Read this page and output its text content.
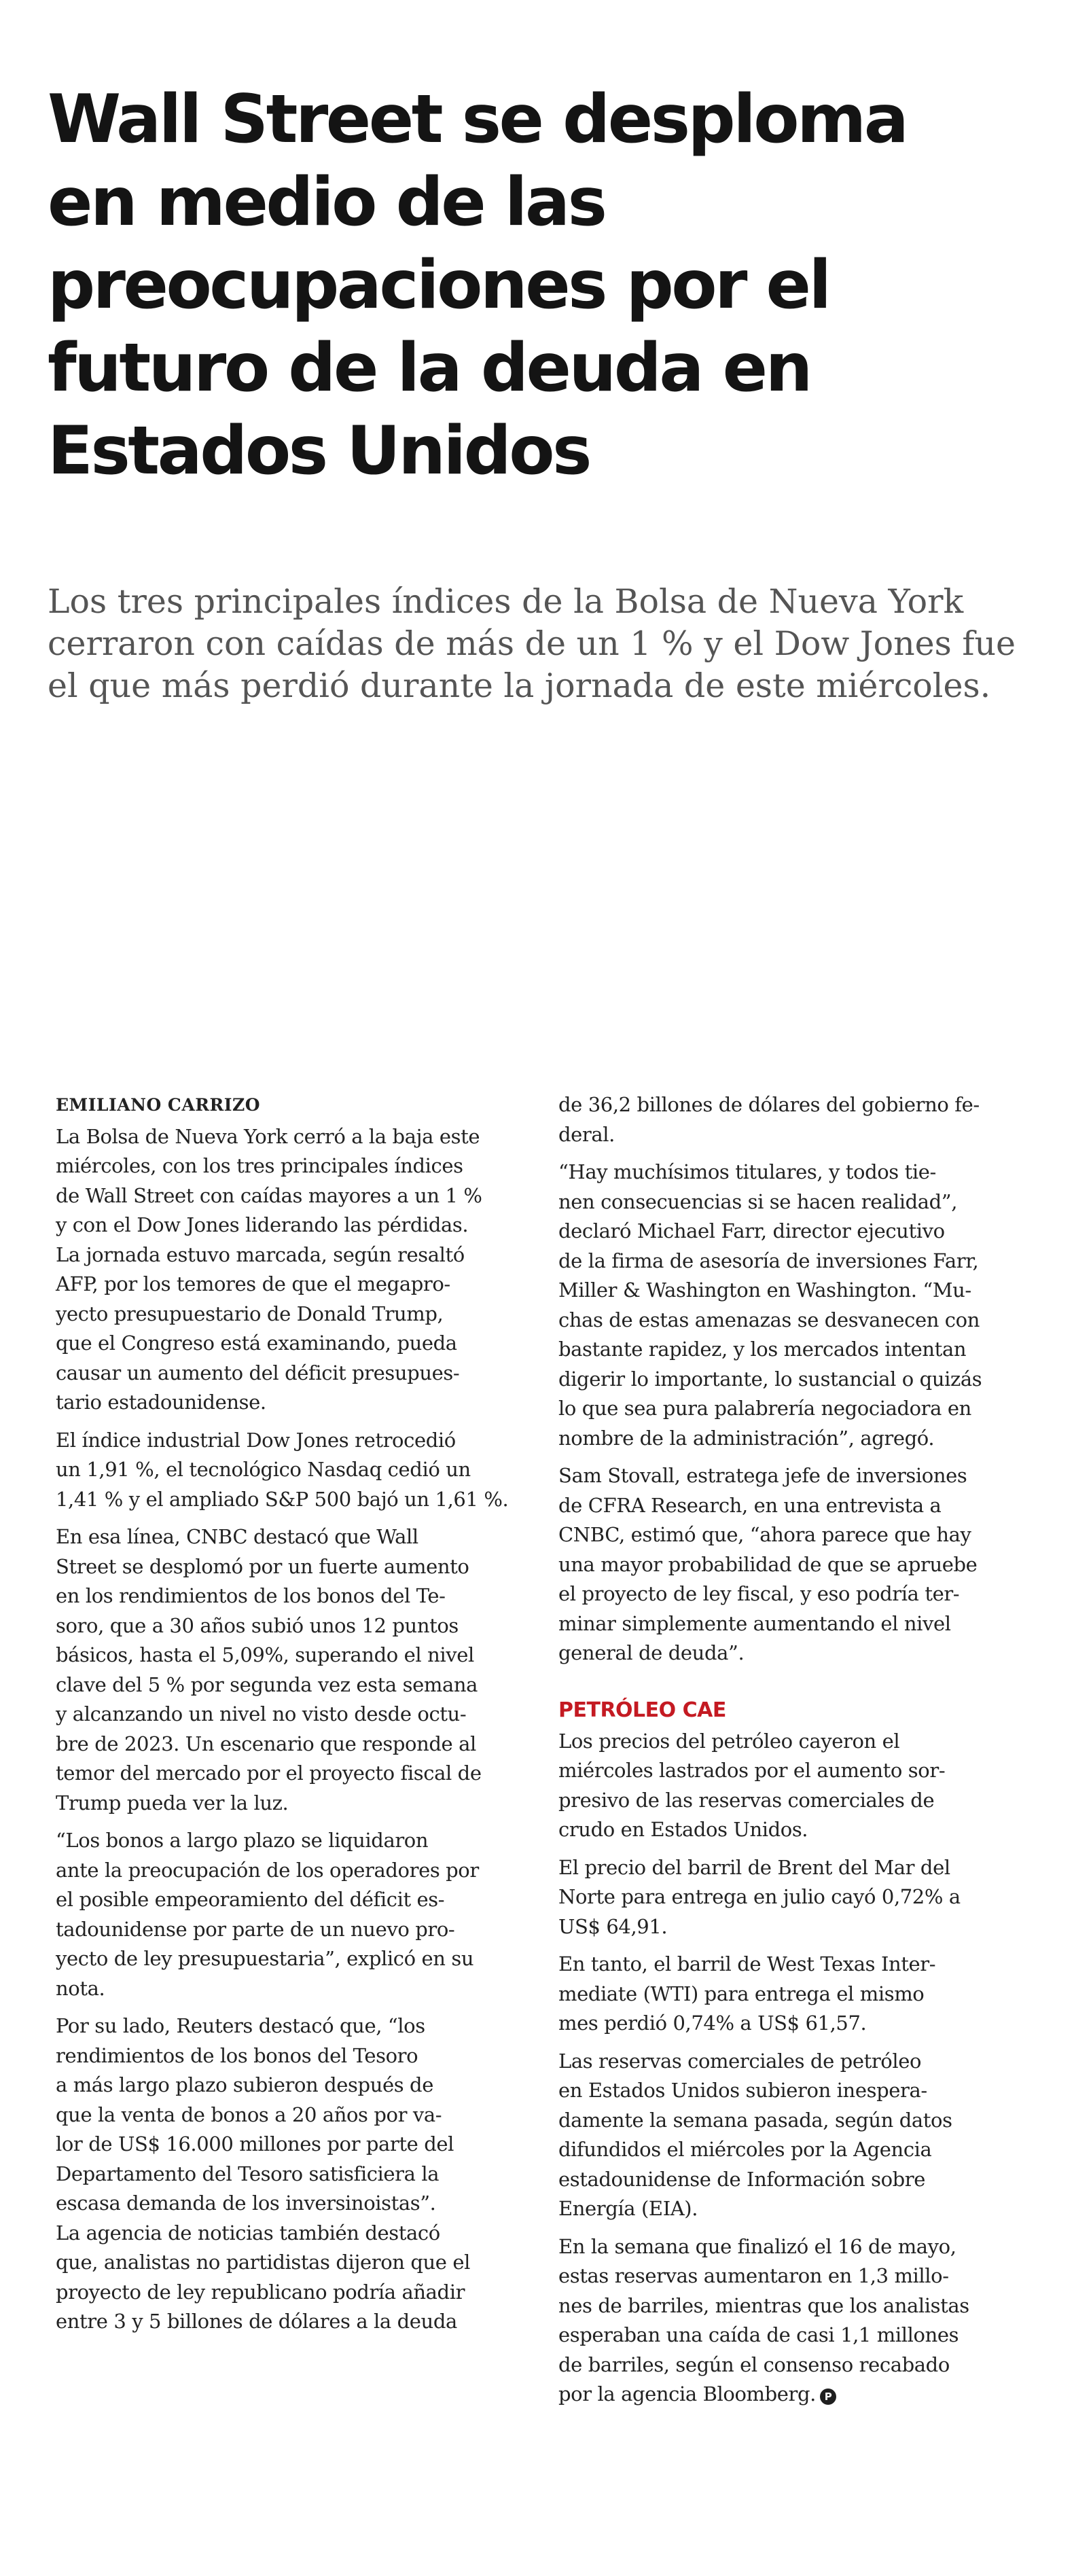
Wall Street se desploma
en medio de las
preocupaciones por el
futuro de la deuda en
Estados Unidos
Los tres principales índices de la Bolsa de Nueva York
cerraron con caídas de más de un 1 % y el Dow Jones fue
el que más perdió durante la jornada de este miércoles.
EMILIANO CARRIZO
La Bolsa de Nueva York cerró a la baja este
miércoles, con los tres principales índices
de Wall Street con caídas mayores a un 1 %
y con el Dow Jones liderando las pérdidas.
La jornada estuvo marcada, según resaltó
AFP, por los temores de que el megapro-
yecto presupuestario de Donald Trump,
que el Congreso está examinando, pueda
causar un aumento del déficit presupues-
tario estadounidense.
El índice industrial Dow Jones retrocedió
un 1,91 %, el tecnológico Nasdaq cedió un
1,41 % y el ampliado S&P 500 bajó un 1,61 %.
En esa línea, CNBC destacó que Wall
Street se desplomó por un fuerte aumento
en los rendimientos de los bonos del Te-
soro, que a 30 años subió unos 12 puntos
básicos, hasta el 5,09%, superando el nivel
clave del 5 % por segunda vez esta semana
y alcanzando un nivel no visto desde octu-
bre de 2023. Un escenario que responde al
temor del mercado por el proyecto fiscal de
Trump pueda ver la luz.
“Los bonos a largo plazo se liquidaron
ante la preocupación de los operadores por
el posible empeoramiento del déficit es-
tadounidense por parte de un nuevo pro-
yecto de ley presupuestaria”, explicó en su
nota.
Por su lado, Reuters destacó que, “los
rendimientos de los bonos del Tesoro
a más largo plazo subieron después de
que la venta de bonos a 20 años por va-
lor de US$ 16.000 millones por parte del
Departamento del Tesoro satisficiera la
escasa demanda de los inversinoistas”.
La agencia de noticias también destacó
que, analistas no partidistas dijeron que el
proyecto de ley republicano podría añadir
entre 3 y 5 billones de dólares a la deuda
de 36,2 billones de dólares del gobierno fe-
deral.
“Hay muchísimos titulares, y todos tie-
nen consecuencias si se hacen realidad”,
declaró Michael Farr, director ejecutivo
de la firma de asesoría de inversiones Farr,
Miller & Washington en Washington. “Mu-
chas de estas amenazas se desvanecen con
bastante rapidez, y los mercados intentan
digerir lo importante, lo sustancial o quizás
lo que sea pura palabrería negociadora en
nombre de la administración”, agregó.
Sam Stovall, estratega jefe de inversiones
de CFRA Research, en una entrevista a
CNBC, estimó que, “ahora parece que hay
una mayor probabilidad de que se apruebe
el proyecto de ley fiscal, y eso podría ter-
minar simplemente aumentando el nivel
general de deuda”.
PETRÓLEO CAE
Los precios del petróleo cayeron el
miércoles lastrados por el aumento sor-
presivo de las reservas comerciales de
crudo en Estados Unidos.
El precio del barril de Brent del Mar del
Norte para entrega en julio cayó 0,72% a
US$ 64,91.
En tanto, el barril de West Texas Inter-
mediate (WTI) para entrega el mismo
mes perdió 0,74% a US$ 61,57.
Las reservas comerciales de petróleo
en Estados Unidos subieron inespera-
damente la semana pasada, según datos
difundidos el miércoles por la Agencia
estadounidense de Información sobre
Energía (EIA).
En la semana que finalizó el 16 de mayo,
estas reservas aumentaron en 1,3 millo-
nes de barriles, mientras que los analistas
esperaban una caída de casi 1,1 millones
de barriles, según el consenso recabado
por la agencia Bloomberg. P
